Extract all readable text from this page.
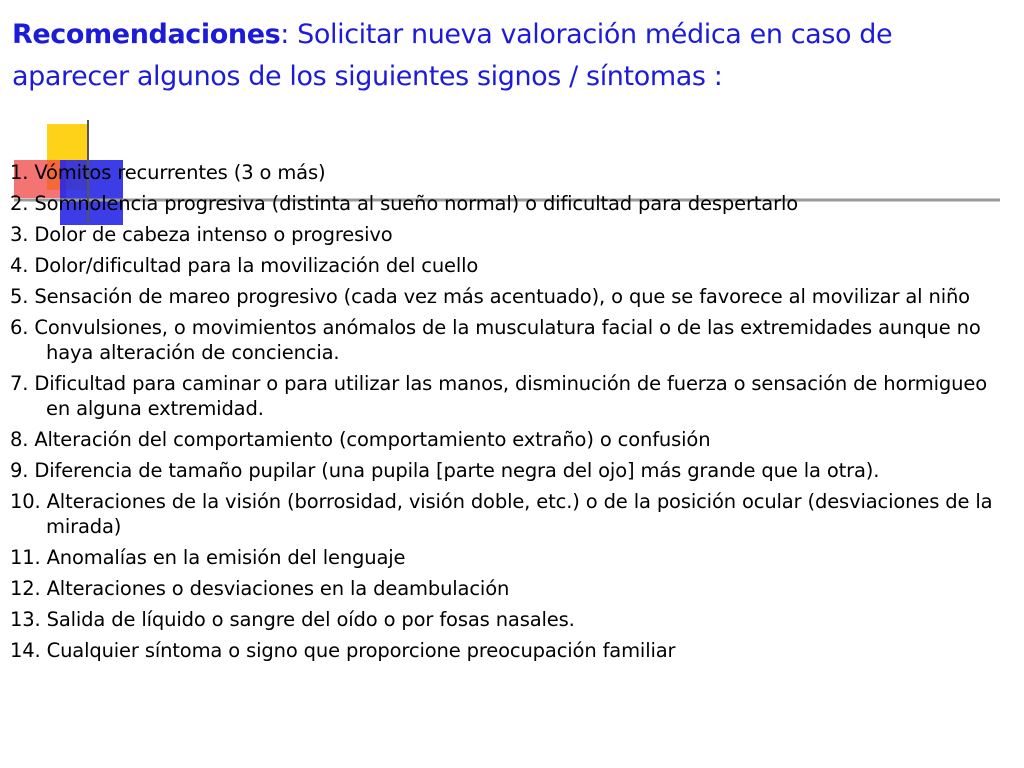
Recomendaciones: Solicitar nueva valoración médica en caso de aparecer algunos de los siguientes signos / síntomas :
1. Vómitos recurrentes (3 o más)
2. Somnolencia progresiva (distinta al sueño normal) o dificultad para despertarlo
3. Dolor de cabeza intenso o progresivo
4. Dolor/dificultad para la movilización del cuello
5. Sensación de mareo progresivo (cada vez más acentuado), o que se favorece al movilizar al niño
6. Convulsiones, o movimientos anómalos de la musculatura facial o de las extremidades aunque no haya alteración de conciencia.
7. Dificultad para caminar o para utilizar las manos, disminución de fuerza o sensación de hormigueo en alguna extremidad.
8. Alteración del comportamiento (comportamiento extraño) o confusión
9. Diferencia de tamaño pupilar (una pupila [parte negra del ojo] más grande que la otra).
10. Alteraciones de la visión (borrosidad, visión doble, etc.) o de la posición ocular (desviaciones de la mirada)
11. Anomalías en la emisión del lenguaje
12. Alteraciones o desviaciones en la deambulación
13. Salida de líquido o sangre del oído o por fosas nasales.
14. Cualquier síntoma o signo que proporcione preocupación familiar
